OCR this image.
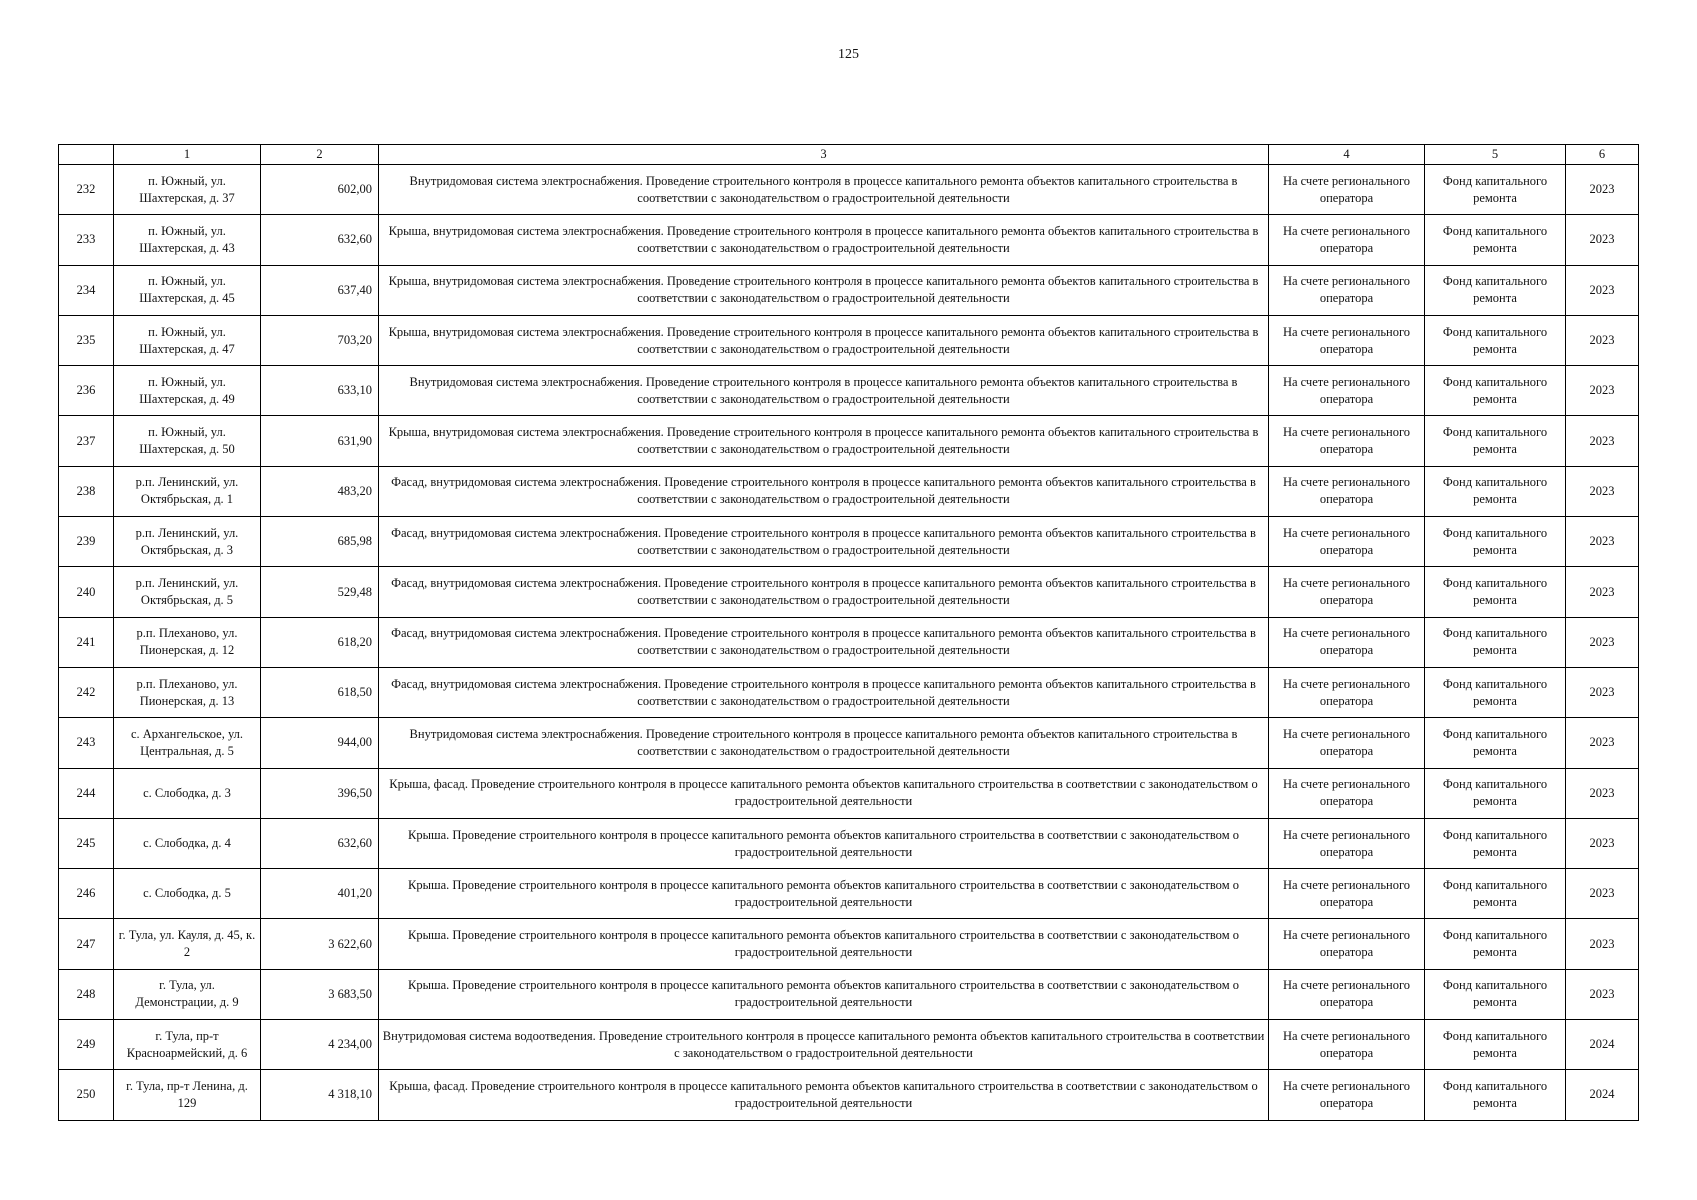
125
	1	2	3	4	5	6
232	п. Южный, ул. Шахтерская, д. 37	602,00	Внутридомовая система электроснабжения. Проведение строительного контроля в процессе капитального ремонта объектов капитального строительства в соответствии с законодательством о градостроительной деятельности	На счете регионального оператора	Фонд капитального ремонта	2023
233	п. Южный, ул. Шахтерская, д. 43	632,60	Крыша, внутридомовая система электроснабжения. Проведение строительного контроля в процессе капитального ремонта объектов капитального строительства в соответствии с законодательством о градостроительной деятельности	На счете регионального оператора	Фонд капитального ремонта	2023
234	п. Южный, ул. Шахтерская, д. 45	637,40	Крыша, внутридомовая система электроснабжения. Проведение строительного контроля в процессе капитального ремонта объектов капитального строительства в соответствии с законодательством о градостроительной деятельности	На счете регионального оператора	Фонд капитального ремонта	2023
235	п. Южный, ул. Шахтерская, д. 47	703,20	Крыша, внутридомовая система электроснабжения. Проведение строительного контроля в процессе капитального ремонта объектов капитального строительства в соответствии с законодательством о градостроительной деятельности	На счете регионального оператора	Фонд капитального ремонта	2023
236	п. Южный, ул. Шахтерская, д. 49	633,10	Внутридомовая система электроснабжения. Проведение строительного контроля в процессе капитального ремонта объектов капитального строительства в соответствии с законодательством о градостроительной деятельности	На счете регионального оператора	Фонд капитального ремонта	2023
237	п. Южный, ул. Шахтерская, д. 50	631,90	Крыша, внутридомовая система электроснабжения. Проведение строительного контроля в процессе капитального ремонта объектов капитального строительства в соответствии с законодательством о градостроительной деятельности	На счете регионального оператора	Фонд капитального ремонта	2023
238	р.п. Ленинский, ул. Октябрьская, д. 1	483,20	Фасад, внутридомовая система электроснабжения. Проведение строительного контроля в процессе капитального ремонта объектов капитального строительства в соответствии с законодательством о градостроительной деятельности	На счете регионального оператора	Фонд капитального ремонта	2023
239	р.п. Ленинский, ул. Октябрьская, д. 3	685,98	Фасад, внутридомовая система электроснабжения. Проведение строительного контроля в процессе капитального ремонта объектов капитального строительства в соответствии с законодательством о градостроительной деятельности	На счете регионального оператора	Фонд капитального ремонта	2023
240	р.п. Ленинский, ул. Октябрьская, д. 5	529,48	Фасад, внутридомовая система электроснабжения. Проведение строительного контроля в процессе капитального ремонта объектов капитального строительства в соответствии с законодательством о градостроительной деятельности	На счете регионального оператора	Фонд капитального ремонта	2023
241	р.п. Плеханово, ул. Пионерская, д. 12	618,20	Фасад, внутридомовая система электроснабжения. Проведение строительного контроля в процессе капитального ремонта объектов капитального строительства в соответствии с законодательством о градостроительной деятельности	На счете регионального оператора	Фонд капитального ремонта	2023
242	р.п. Плеханово, ул. Пионерская, д. 13	618,50	Фасад, внутридомовая система электроснабжения. Проведение строительного контроля в процессе капитального ремонта объектов капитального строительства в соответствии с законодательством о градостроительной деятельности	На счете регионального оператора	Фонд капитального ремонта	2023
243	с. Архангельское, ул. Центральная, д. 5	944,00	Внутридомовая система электроснабжения. Проведение строительного контроля в процессе капитального ремонта объектов капитального строительства в соответствии с законодательством о градостроительной деятельности	На счете регионального оператора	Фонд капитального ремонта	2023
244	с. Слободка, д. 3	396,50	Крыша, фасад. Проведение строительного контроля в процессе капитального ремонта объектов капитального строительства в соответствии с законодательством о градостроительной деятельности	На счете регионального оператора	Фонд капитального ремонта	2023
245	с. Слободка, д. 4	632,60	Крыша. Проведение строительного контроля в процессе капитального ремонта объектов капитального строительства в соответствии с законодательством о градостроительной деятельности	На счете регионального оператора	Фонд капитального ремонта	2023
246	с. Слободка, д. 5	401,20	Крыша. Проведение строительного контроля в процессе капитального ремонта объектов капитального строительства в соответствии с законодательством о градостроительной деятельности	На счете регионального оператора	Фонд капитального ремонта	2023
247	г. Тула, ул. Кауля, д. 45, к. 2	3 622,60	Крыша. Проведение строительного контроля в процессе капитального ремонта объектов капитального строительства в соответствии с законодательством о градостроительной деятельности	На счете регионального оператора	Фонд капитального ремонта	2023
248	г. Тула, ул. Демонстрации, д. 9	3 683,50	Крыша. Проведение строительного контроля в процессе капитального ремонта объектов капитального строительства в соответствии с законодательством о градостроительной деятельности	На счете регионального оператора	Фонд капитального ремонта	2023
249	г. Тула, пр-т Красноармейский, д. 6	4 234,00	Внутридомовая система водоотведения. Проведение строительного контроля в процессе капитального ремонта объектов капитального строительства в соответствии с законодательством о градостроительной деятельности	На счете регионального оператора	Фонд капитального ремонта	2024
250	г. Тула, пр-т Ленина, д. 129	4 318,10	Крыша, фасад. Проведение строительного контроля в процессе капитального ремонта объектов капитального строительства в соответствии с законодательством о градостроительной деятельности	На счете регионального оператора	Фонд капитального ремонта	2024
